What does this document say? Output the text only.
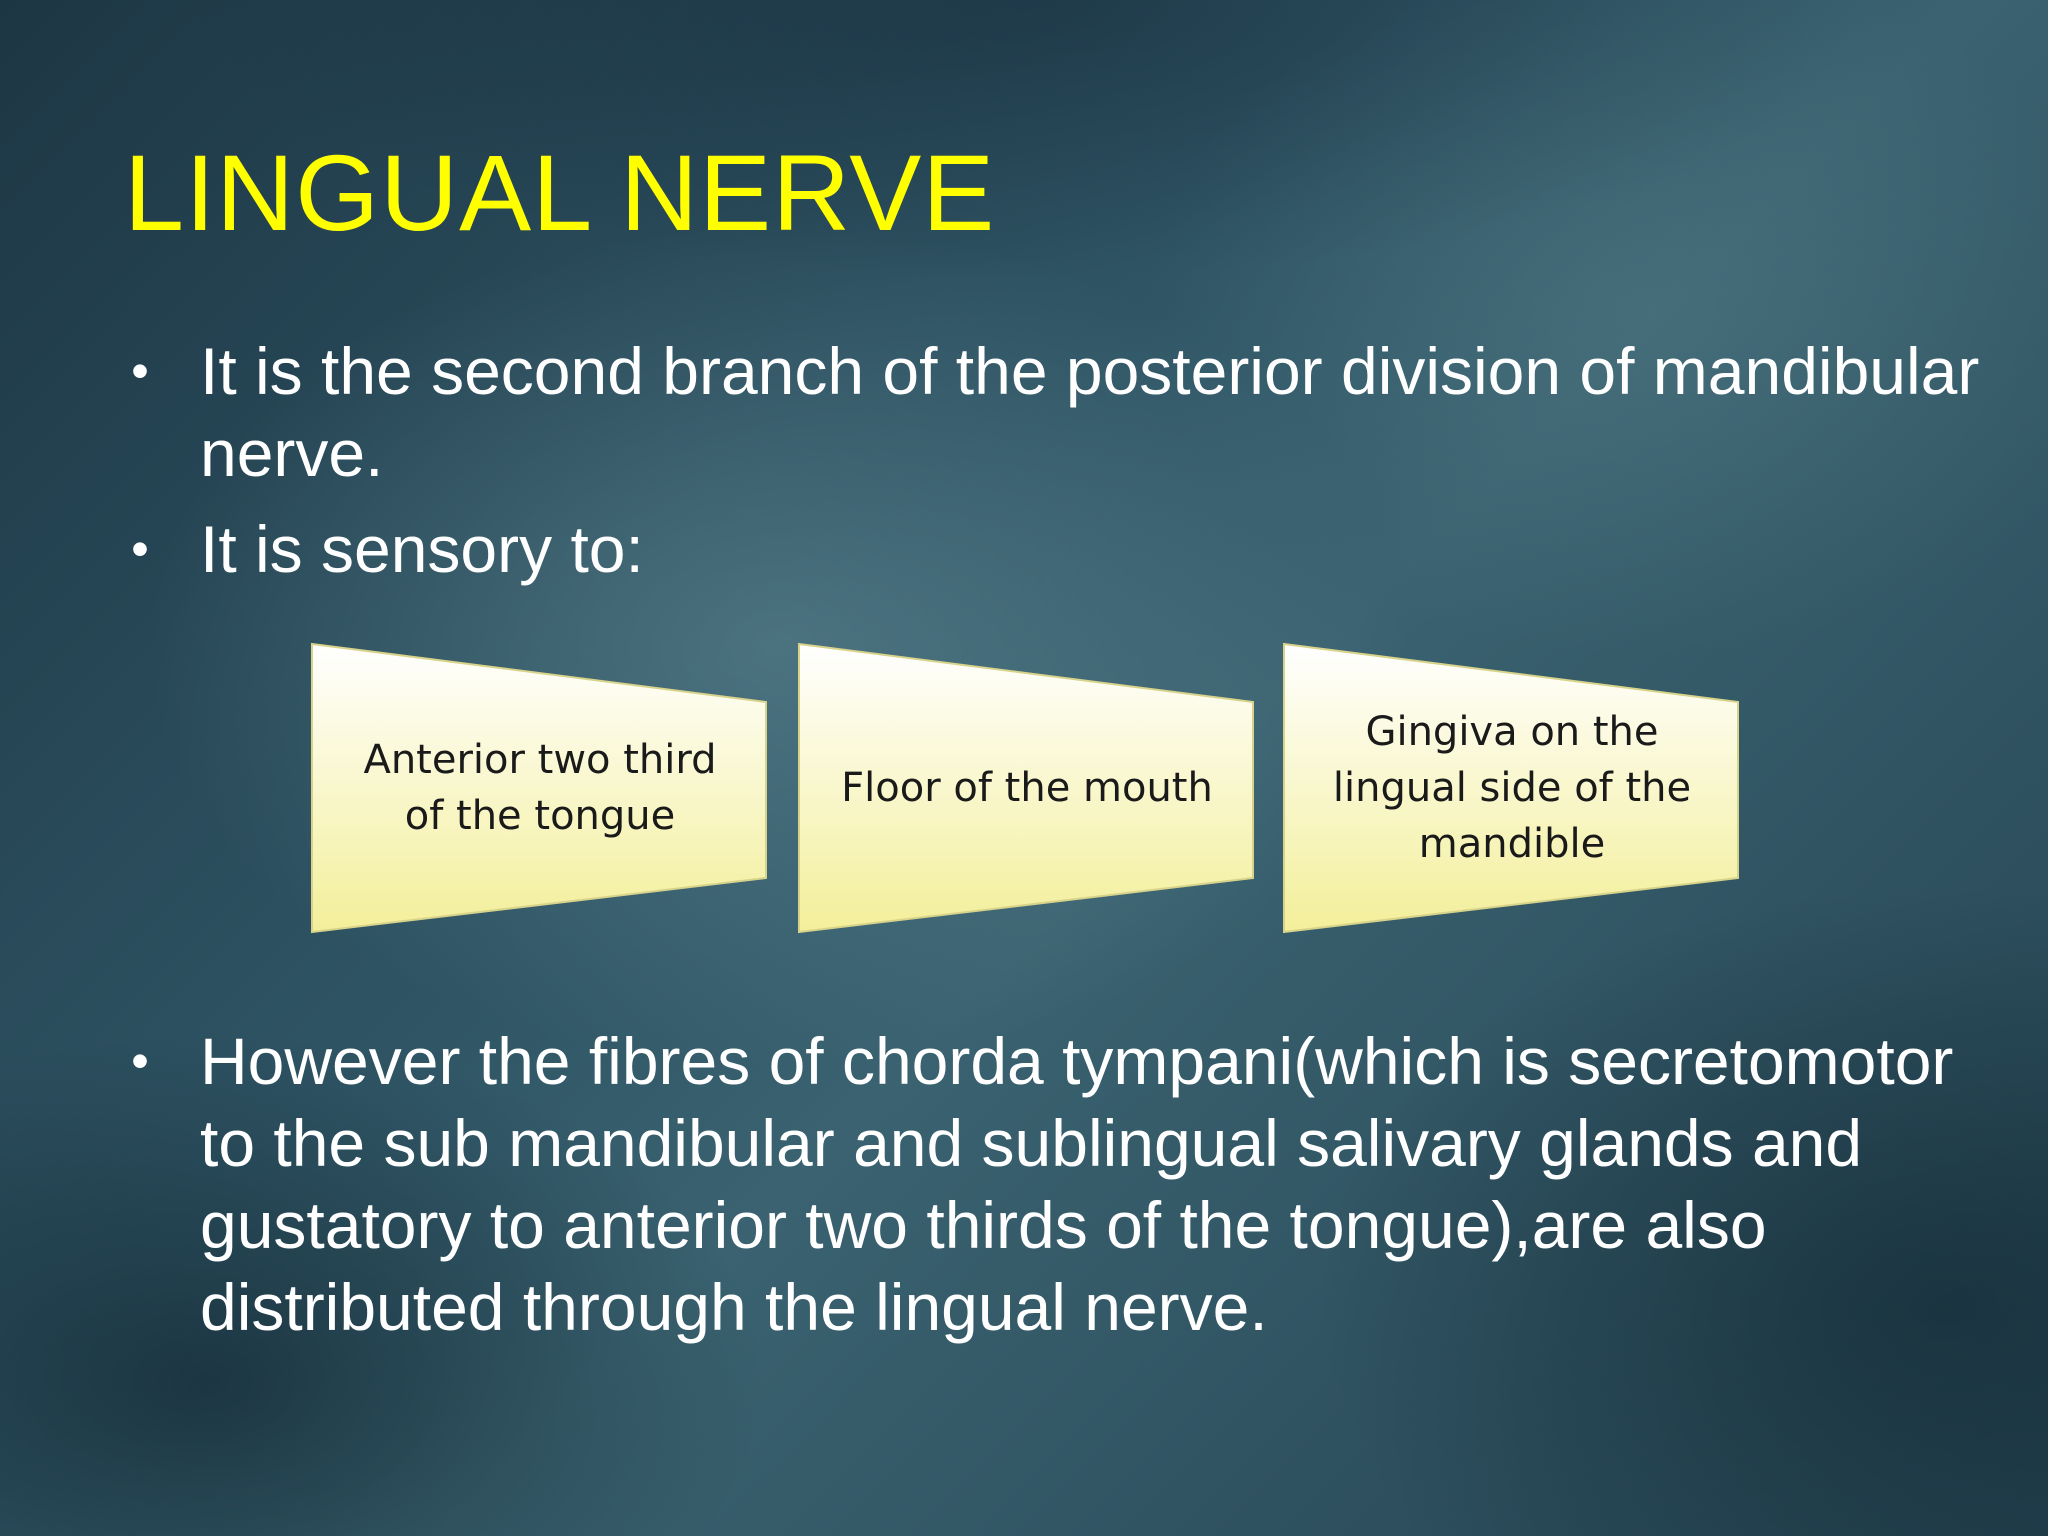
LINGUAL NERVE
• It is the second branch of the posterior division of mandibular nerve.
• It is sensory to:
Anterior two third of the tongue
Floor of the mouth
Gingiva on the lingual side of the mandible
• However the fibres of chorda tympani(which is secretomotor to the sub mandibular and sublingual salivary glands and gustatory to anterior two thirds of the tongue),are also distributed through the lingual nerve.
